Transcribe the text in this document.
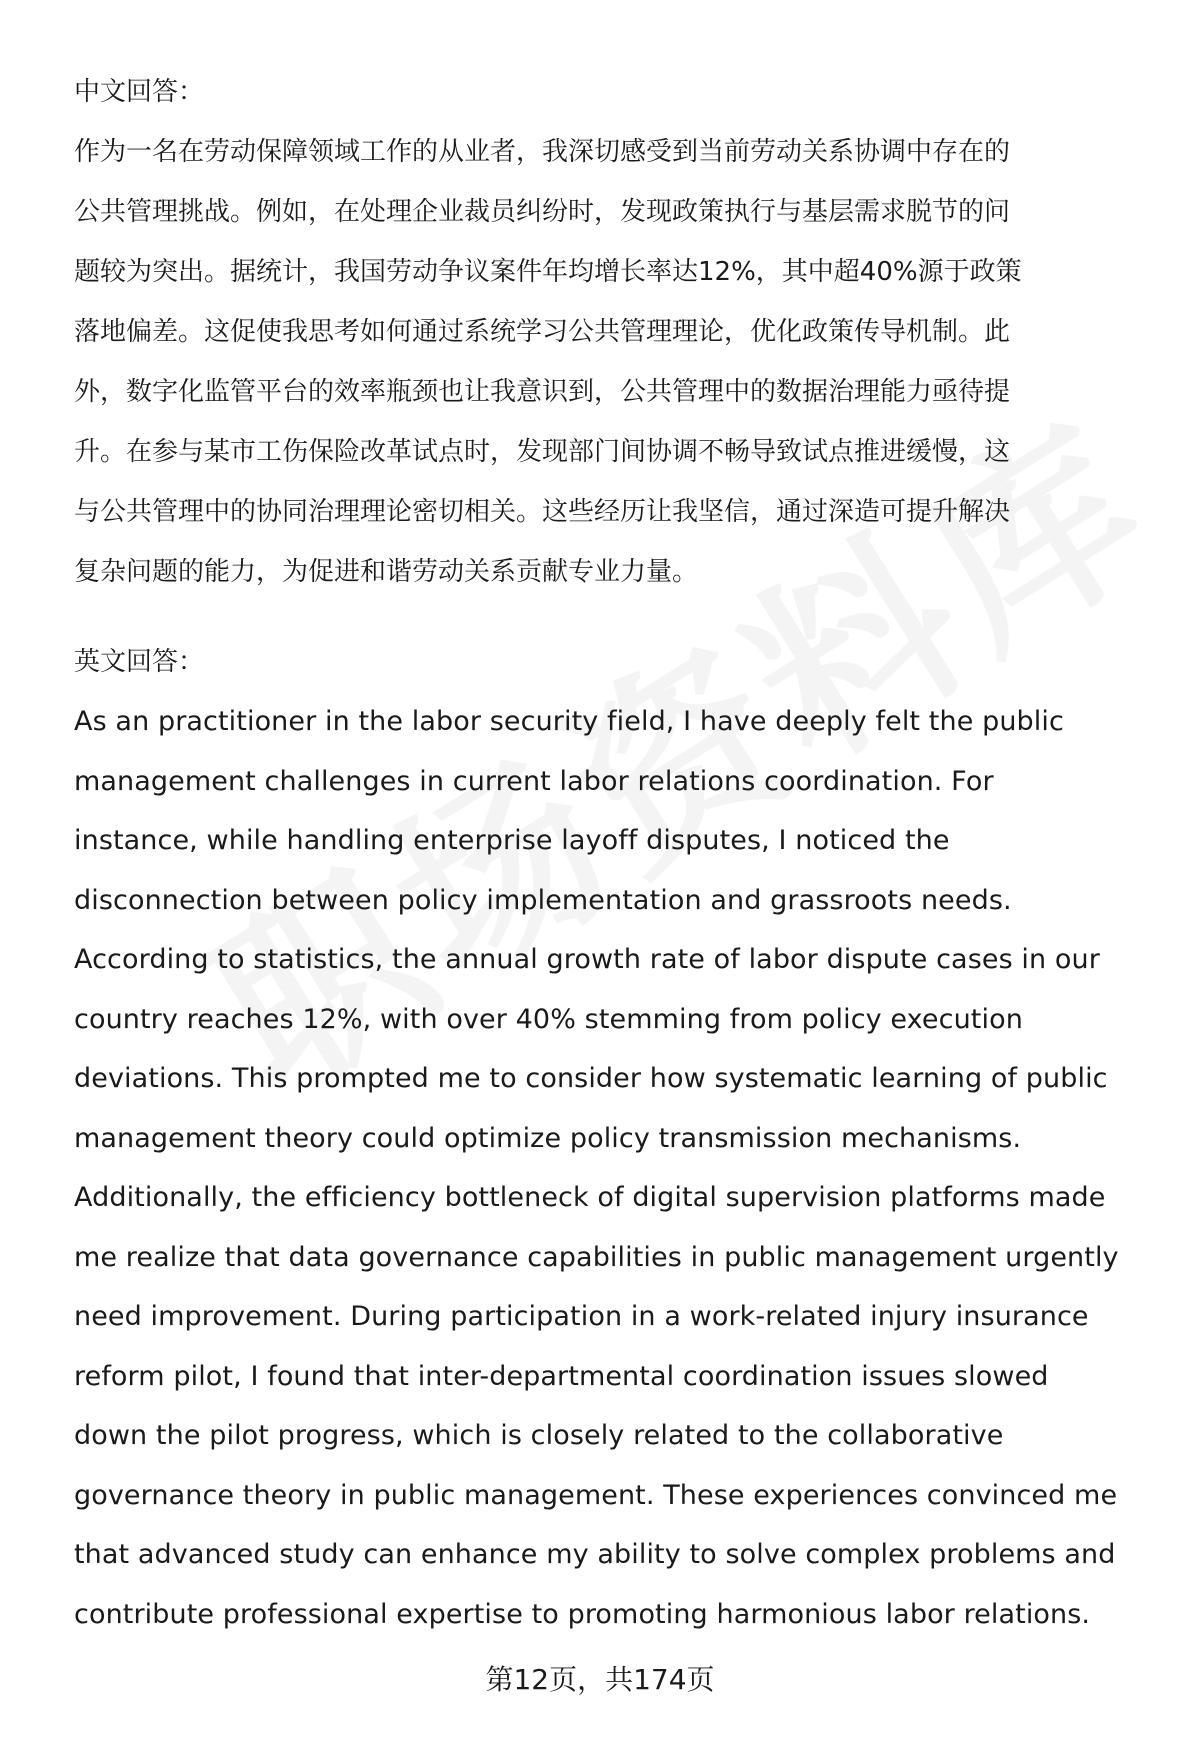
中文回答：

作为一名在劳动保障领域工作的从业者，我深切感受到当前劳动关系协调中存在的
公共管理挑战。例如，在处理企业裁员纠纷时，发现政策执行与基层需求脱节的问
题较为突出。据统计，我国劳动争议案件年均增长率达12%，其中超40%源于政策
落地偏差。这促使我思考如何通过系统学习公共管理理论，优化政策传导机制。此
外，数字化监管平台的效率瓶颈也让我意识到，公共管理中的数据治理能力亟待提
升。在参与某市工伤保险改革试点时，发现部门间协调不畅导致试点推进缓慢，这
与公共管理中的协同治理理论密切相关。这些经历让我坚信，通过深造可提升解决
复杂问题的能力，为促进和谐劳动关系贡献专业力量。

英文回答：

As an practitioner in the labor security field, I have deeply felt the public
management challenges in current labor relations coordination. For
instance, while handling enterprise layoff disputes, I noticed the
disconnection between policy implementation and grassroots needs.
According to statistics, the annual growth rate of labor dispute cases in our
country reaches 12%, with over 40% stemming from policy execution
deviations. This prompted me to consider how systematic learning of public
management theory could optimize policy transmission mechanisms.
Additionally, the efficiency bottleneck of digital supervision platforms made
me realize that data governance capabilities in public management urgently
need improvement. During participation in a work-related injury insurance
reform pilot, I found that inter-departmental coordination issues slowed
down the pilot progress, which is closely related to the collaborative
governance theory in public management. These experiences convinced me
that advanced study can enhance my ability to solve complex problems and
contribute professional expertise to promoting harmonious labor relations.
第12页，共174页
